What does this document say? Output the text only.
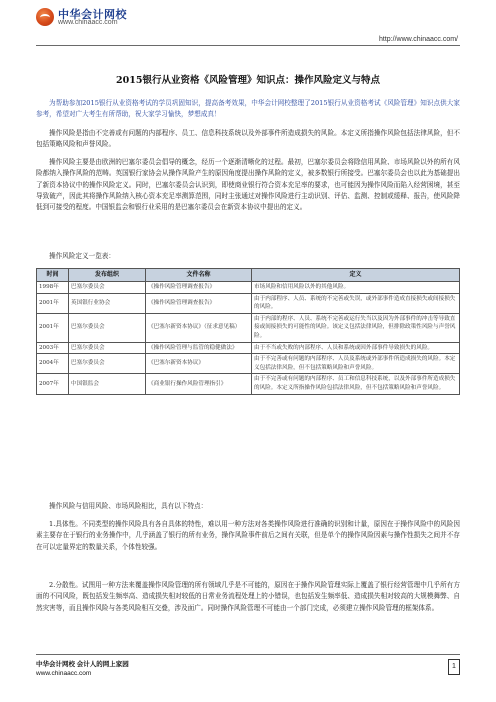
中华会计网校
www.chinaacc.com
http://www.chinaacc.com/
2015银行从业资格《风险管理》知识点：操作风险定义与特点

为帮助参加2015银行从业资格考试的学员巩固知识，提高备考效果，中华会计网校整理了2015银行从业资格考试《风险管理》知识点供大家参考，希望对广大考生有所帮助，祝大家学习愉快，梦想成真！

操作风险是指由不完善或有问题的内部程序、员工、信息科技系统以及外部事件所造成损失的风险。本定义所指操作风险包括法律风险，但不包括策略风险和声誉风险。

操作风险主要是由欧洲的巴塞尔委员会倡导的概念，经历一个逐渐清晰化的过程。最初，巴塞尔委员会将除信用风险、市场风险以外的所有风险都纳入操作风险的范畴。英国银行家协会从操作风险产生的原因角度提出操作风险的定义，被多数银行所接受。巴塞尔委员会也以此为基础提出了新资本协议中的操作风险定义。同时，巴塞尔委员会认识到，即使商业银行符合资本充足率的要求，也可能因为操作风险而陷入经营困境，甚至导致破产，因此其将操作风险纳入核心资本充足率测算范围，同时主张通过对操作风险进行主动识别、评估、监测、控制或缓释、报告，使风险降低到可接受的程度。中国银监会和银行业采用的是巴塞尔委员会在新资本协议中提出的定义。

操作风险定义一览表：

时间	发布组织	文件名称	定义
1998年	巴塞尔委员会	《操作风险管理调查报告》	市场风险和信用风险以外的其他风险。
2001年	英国银行业协会	《操作风险管理调查报告》	由于内部程序、人员、系统的不完善或失误，或外部事件造成直接损失或间接损失的风险。
2001年	巴塞尔委员会	《巴塞尔新资本协议》（征求意见稿）	由于内部的程序、人员、系统不完善或运行失当以及因为外部事件的冲击等导致直接或间接损失的可能性的风险。该定义包括法律风险，但排除政策性风险与声誉风险。
2003年	巴塞尔委员会	《操作风险管理与监管的稳健做法》	由于不当或失败的内部程序、人员和系统或因外部事件导致损失的风险。
2004年	巴塞尔委员会	《巴塞尔新资本协议》	由于不完善或有问题的内部程序、人员及系统或外部事件所造成损失的风险。本定义包括法律风险，但不包括策略风险和声誉风险。
2007年	中国银监会	《商业银行操作风险管理指引》	由于不完善或有问题的内部程序、员工和信息科技系统，以及外部事件所造成损失的风险。本定义所指操作风险包括法律风险，但不包括策略风险和声誉风险。

操作风险与信用风险、市场风险相比，具有以下特点：

1.具体性。不同类型的操作风险具有各自具体的特性，难以用一种方法对各类操作风险进行准确的识别和计量，原因在于操作风险中的风险因素主要存在于银行的业务操作中，几乎涵盖了银行的所有业务，操作风险事件前后之间有关联，但是单个的操作风险因素与操作性损失之间并不存在可以定量界定的数量关系，个体性较强。

2.分散性。试图用一种方法来覆盖操作风险管理的所有领域几乎是不可能的，原因在于操作风险管理实际上覆盖了银行经营管理中几乎所有方面的不同风险，既包括发生频率高、造成损失相对较低的日常业务流程处理上的小错误，也包括发生频率低、造成损失相对较高的大规模舞弊、自然灾害等，而且操作风险与各类风险相互交叠，涉及面广。同时操作风险管理不可能由一个部门完成，必须建立操作风险管理的框架体系。

中华会计网校 会计人的网上家园
www.chinaacc.com
1
